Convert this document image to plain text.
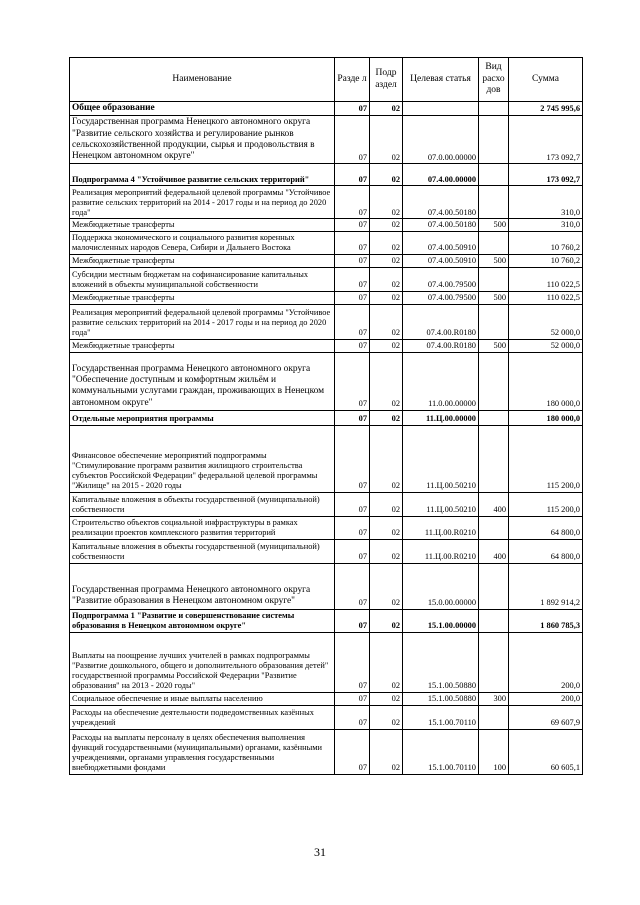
Наименование	Разде л	Подр аздел	Целевая статья	Вид расхо дов	Сумма
Общее образование	07	02			2 745 995,6
Государственная программа Ненецкого автономного округа "Развитие сельского хозяйства и регулирование рынков сельскохозяйственной продукции, сырья и продовольствия в Ненецком автономном округе"	07	02	07.0.00.00000		173 092,7
Подпрограмма 4 "Устойчивое развитие сельских территорий"	07	02	07.4.00.00000		173 092,7
Реализация мероприятий федеральной целевой программы "Устойчивое развитие сельских территорий на 2014 - 2017 годы и на период до 2020 года"	07	02	07.4.00.50180		310,0
Межбюджетные трансферты	07	02	07.4.00.50180	500	310,0
Поддержка экономического и социального развития коренных малочисленных народов Севера, Сибири и Дальнего Востока	07	02	07.4.00.50910		10 760,2
Межбюджетные трансферты	07	02	07.4.00.50910	500	10 760,2
Субсидии местным бюджетам на софинансирование капитальных вложений в объекты муниципальной собственности	07	02	07.4.00.79500		110 022,5
Межбюджетные трансферты	07	02	07.4.00.79500	500	110 022,5
Реализация мероприятий федеральной целевой программы "Устойчивое развитие сельских территорий на 2014 - 2017 годы и на период до 2020 года"	07	02	07.4.00.R0180		52 000,0
Межбюджетные трансферты	07	02	07.4.00.R0180	500	52 000,0
Государственная программа Ненецкого автономного округа "Обеспечение доступным и комфортным жильём и коммунальными услугами граждан, проживающих в Ненецком автономном округе"	07	02	11.0.00.00000		180 000,0
Отдельные мероприятия программы	07	02	11.Ц.00.00000		180 000,0
Финансовое обеспечение мероприятий подпрограммы "Стимулирование программ развития жилищного строительства субъектов Российской Федерации" федеральной целевой программы "Жилище" на 2015 - 2020 годы	07	02	11.Ц.00.50210		115 200,0
Капитальные вложения в объекты государственной (муниципальной) собственности	07	02	11.Ц.00.50210	400	115 200,0
Строительство объектов социальной инфраструктуры в рамках реализации проектов комплексного развития территорий	07	02	11.Ц.00.R0210		64 800,0
Капитальные вложения в объекты государственной (муниципальной) собственности	07	02	11.Ц.00.R0210	400	64 800,0
Государственная программа Ненецкого автономного округа "Развитие образования в Ненецком автономном округе"	07	02	15.0.00.00000		1 892 914,2
Подпрограмма 1 "Развитие и совершенствование системы образования в Ненецком автономном округе"	07	02	15.1.00.00000		1 860 785,3
Выплаты на поощрение лучших учителей в рамках подпрограммы "Развитие дошкольного, общего и дополнительного образования детей" государственной программы Российской Федерации "Развитие образования" на 2013 - 2020 годы"	07	02	15.1.00.50880		200,0
Социальное обеспечение и иные выплаты населению	07	02	15.1.00.50880	300	200,0
Расходы на обеспечение деятельности подведомственных казённых учреждений	07	02	15.1.00.70110		69 607,9
Расходы на выплаты персоналу в целях обеспечения выполнения функций государственными (муниципальными) органами, казёнными учреждениями, органами управления государственными внебюджетными фондами	07	02	15.1.00.70110	100	60 605,1
31
